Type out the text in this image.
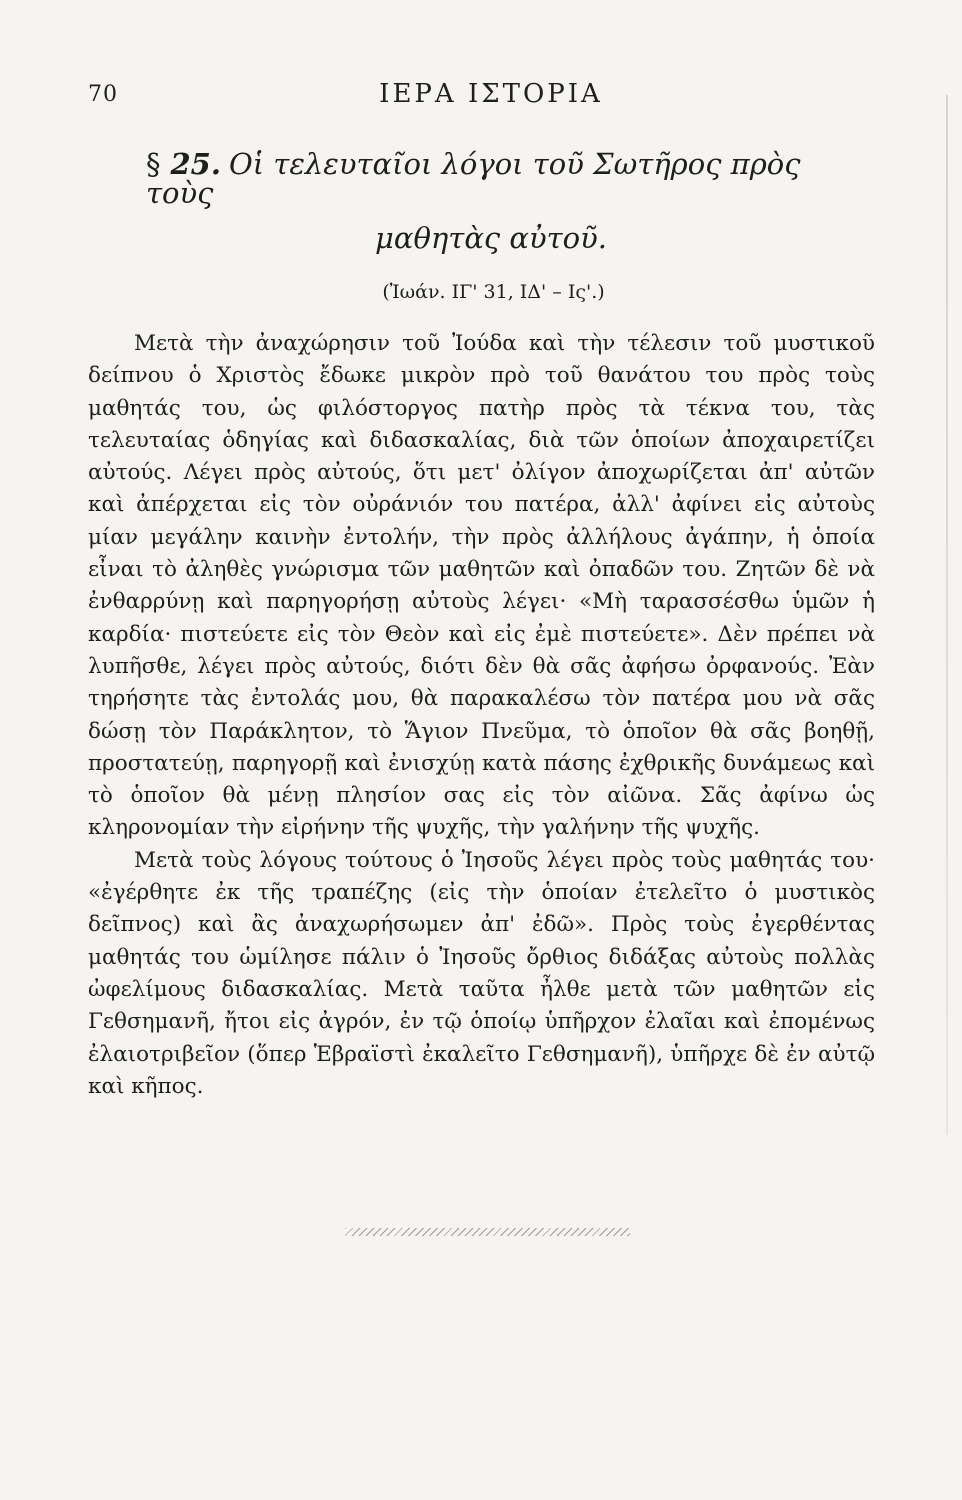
70	ΙΕΡΑ ΙΣΤΟΡΙΑ
§ 25. Οἱ τελευταῖοι λόγοι τοῦ Σωτῆρος πρὸς τοὺς
μαθητὰς αὐτοῦ.
(Ἰωάν. ΙΓ' 31, ΙΔ' – Ις'.)

Μετὰ τὴν ἀναχώρησιν τοῦ Ἰούδα καὶ τὴν τέλεσιν τοῦ μυστικοῦ δείπνου ὁ Χριστὸς ἔδωκε μικρὸν πρὸ τοῦ θανάτου του πρὸς τοὺς μαθητάς του, ὡς φιλόστοργος πατὴρ πρὸς τὰ τέκνα του, τὰς τελευταίας ὁδηγίας καὶ διδασκαλίας, διὰ τῶν ὁποίων ἀποχαιρετίζει αὐτούς. Λέγει πρὸς αὐτούς, ὅτι μετ' ὀλίγον ἀποχωρίζεται ἀπ' αὐτῶν καὶ ἀπέρχεται εἰς τὸν οὐράνιόν του πατέρα, ἀλλ' ἀφίνει εἰς αὐτοὺς μίαν μεγάλην καινὴν ἐντολήν, τὴν πρὸς ἀλλήλους ἀγάπην, ἡ ὁποία εἶναι τὸ ἀληθὲς γνώρισμα τῶν μαθητῶν καὶ ὀπαδῶν του. Ζητῶν δὲ νὰ ἐνθαρρύνῃ καὶ παρηγορήσῃ αὐτοὺς λέγει· «Μὴ ταρασσέσθω ὑμῶν ἡ καρδία· πιστεύετε εἰς τὸν Θεὸν καὶ εἰς ἐμὲ πιστεύετε». Δὲν πρέπει νὰ λυπῆσθε, λέγει πρὸς αὐτούς, διότι δὲν θὰ σᾶς ἀφήσω ὀρφανούς. Ἐὰν τηρήσητε τὰς ἐντολάς μου, θὰ παρακαλέσω τὸν πατέρα μου νὰ σᾶς δώσῃ τὸν Παράκλητον, τὸ Ἅγιον Πνεῦμα, τὸ ὁποῖον θὰ σᾶς βοηθῇ, προστατεύῃ, παρηγορῇ καὶ ἐνισχύῃ κατὰ πάσης ἐχθρικῆς δυνάμεως καὶ τὸ ὁποῖον θὰ μένῃ πλησίον σας εἰς τὸν αἰῶνα. Σᾶς ἀφίνω ὡς κληρονομίαν τὴν εἰρήνην τῆς ψυχῆς, τὴν γαλήνην τῆς ψυχῆς.

Μετὰ τοὺς λόγους τούτους ὁ Ἰησοῦς λέγει πρὸς τοὺς μαθητάς του· «ἐγέρθητε ἐκ τῆς τραπέζης (εἰς τὴν ὁποίαν ἐτελεῖτο ὁ μυστικὸς δεῖπνος) καὶ ἂς ἀναχωρήσωμεν ἀπ' ἐδῶ». Πρὸς τοὺς ἐγερθέντας μαθητάς του ὡμίλησε πάλιν ὁ Ἰησοῦς ὄρθιος διδάξας αὐτοὺς πολλὰς ὠφελίμους διδασκαλίας. Μετὰ ταῦτα ἦλθε μετὰ τῶν μαθητῶν εἰς Γεθσημανῆ, ἤτοι εἰς ἀγρόν, ἐν τῷ ὁποίῳ ὑπῆρχον ἐλαῖαι καὶ ἐπομένως ἐλαιοτριβεῖον (ὅπερ Ἑβραϊστὶ ἐκαλεῖτο Γεθσημανῆ), ὑπῆρχε δὲ ἐν αὐτῷ καὶ κῆπος.
